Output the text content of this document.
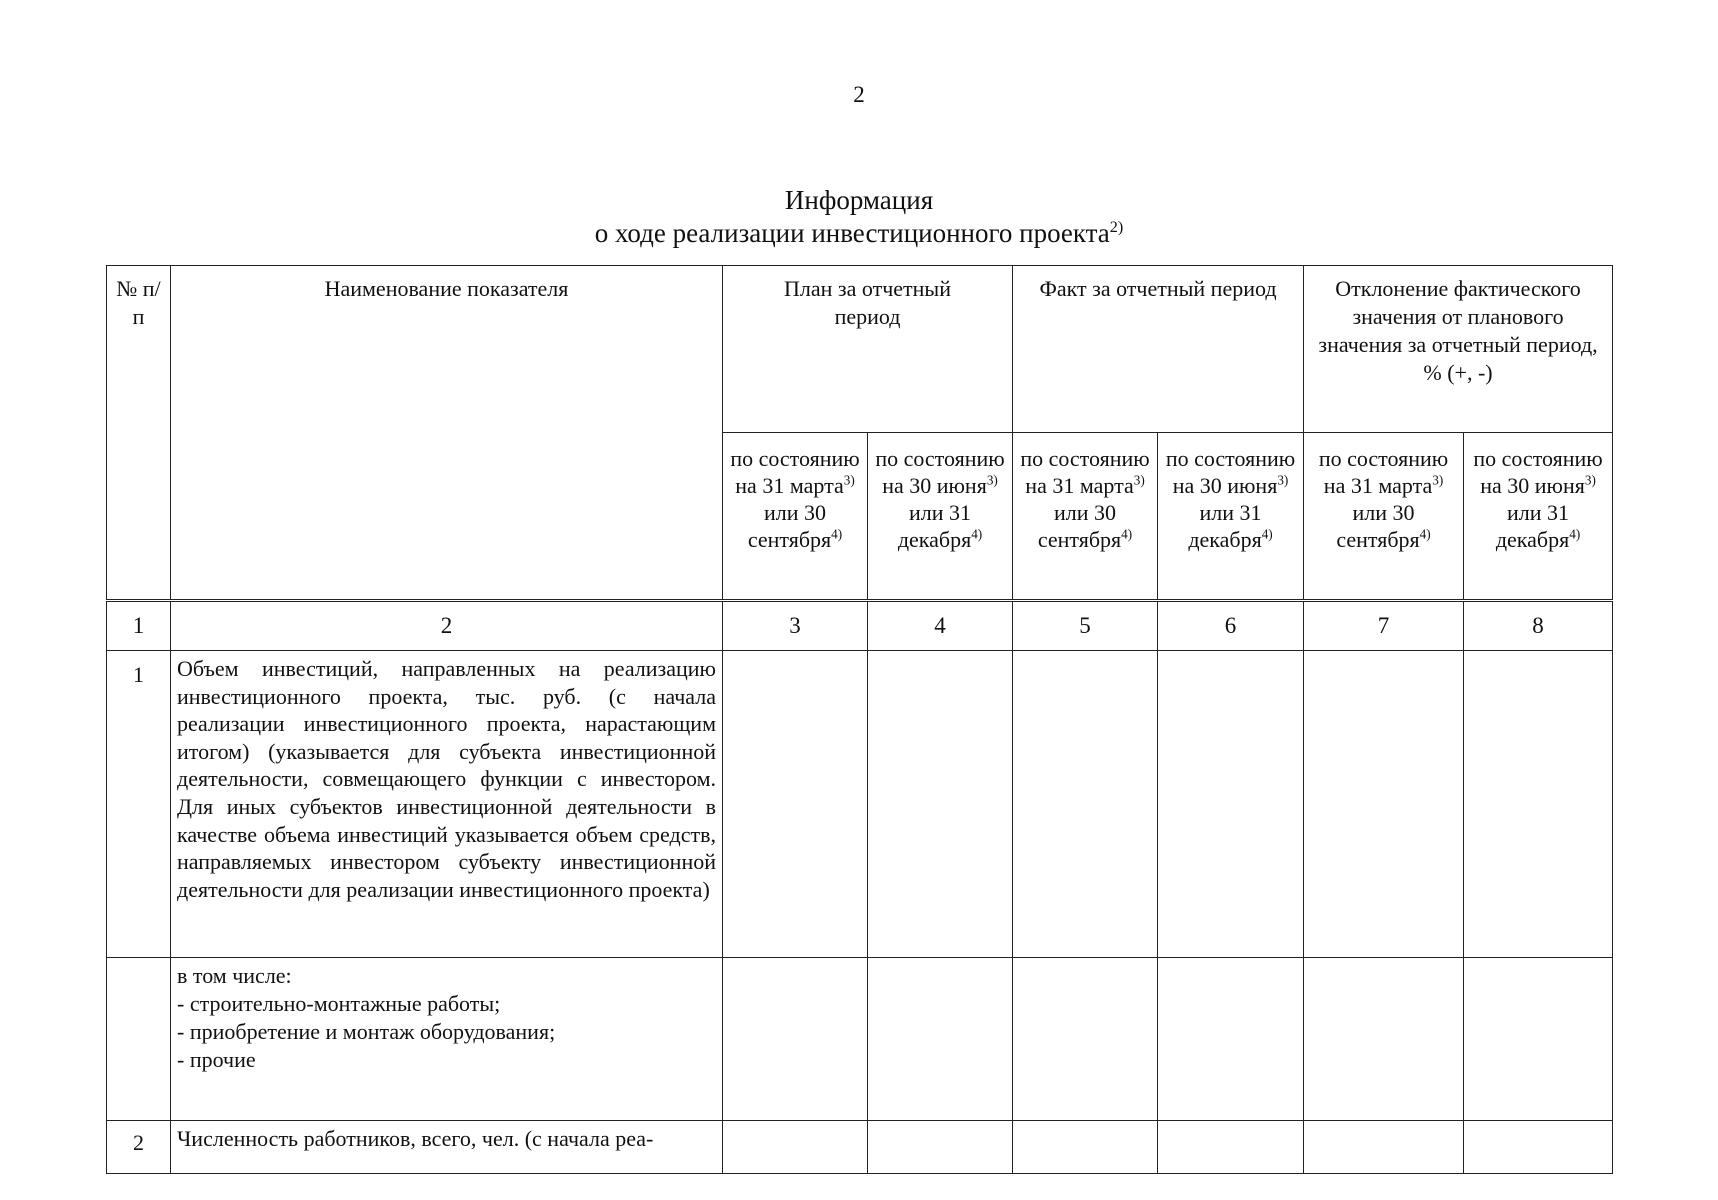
2
Информация
о ходе реализации инвестиционного проекта$^{2)}$
№ п/п	Наименование показателя	План за отчетный период		Факт за отчетный период		Отклонение фактического значения от планового значения за отчетный период, % (+, -)	
		по состоянию на 31 марта$^{3)}$ или 30 сентября$^{4)}$	по состоянию на 30 июня$^{3)}$ или 31 декабря$^{4)}$	по состоянию на 31 марта$^{3)}$ или 30 сентября$^{4)}$	по состоянию на 30 июня$^{3)}$ или 31 декабря$^{4)}$	по состоянию на 31 марта$^{3)}$ или 30 сентября$^{4)}$	по состоянию на 30 июня$^{3)}$ или 31 декабря$^{4)}$
1	2	3	4	5	6	7	8
1	Объем инвестиций, направленных на реализацию инвестиционного проекта, тыс. руб. (с начала реализации инвестиционного проекта, нарастающим итогом) (указывается для субъекта инвестиционной деятельности, совмещающего функции с инвестором. Для иных субъектов инвестиционной деятельности в качестве объема инвестиций указывается объем средств, направляемых инвестором субъекту инвестиционной деятельности для реализации инвестиционного проекта)						

	в том числе:
- строительно-монтажные работы;
- приобретение и монтаж оборудования;
- прочие						

2	Численность работников, всего, чел. (с начала реа-						
